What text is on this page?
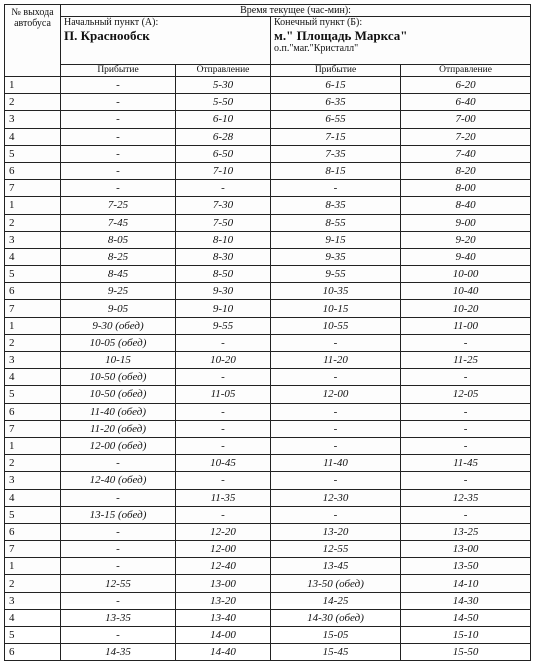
№ выхода автобуса	Время текущее (час-мин):			

	Начальный пункт (А):
П. Краснообск		Конечный пункт (Б):
м." Площадь Маркса"
о.п."маг."Кристалл"	

	Прибытие	Отправление	Прибытие	Отправление
1	-	5-30	6-15	6-20
2	-	5-50	6-35	6-40
3	-	6-10	6-55	7-00
4	-	6-28	7-15	7-20
5	-	6-50	7-35	7-40
6	-	7-10	8-15	8-20
7	-	-	-	8-00
1	7-25	7-30	8-35	8-40
2	7-45	7-50	8-55	9-00
3	8-05	8-10	9-15	9-20
4	8-25	8-30	9-35	9-40
5	8-45	8-50	9-55	10-00
6	9-25	9-30	10-35	10-40
7	9-05	9-10	10-15	10-20
1	9-30 (обед)	9-55	10-55	11-00
2	10-05 (обед)	-	-	-
3	10-15	10-20	11-20	11-25
4	10-50 (обед)	-	-	-
5	10-50 (обед)	11-05	12-00	12-05
6	11-40 (обед)	-	-	-
7	11-20 (обед)	-	-	-
1	12-00 (обед)	-	-	-
2	-	10-45	11-40	11-45
3	12-40 (обед)	-	-	-
4	-	11-35	12-30	12-35
5	13-15 (обед)	-	-	-
6	-	12-20	13-20	13-25
7	-	12-00	12-55	13-00
1	-	12-40	13-45	13-50
2	12-55	13-00	13-50 (обед)	14-10
3	-	13-20	14-25	14-30
4	13-35	13-40	14-30 (обед)	14-50
5	-	14-00	15-05	15-10
6	14-35	14-40	15-45	15-50
